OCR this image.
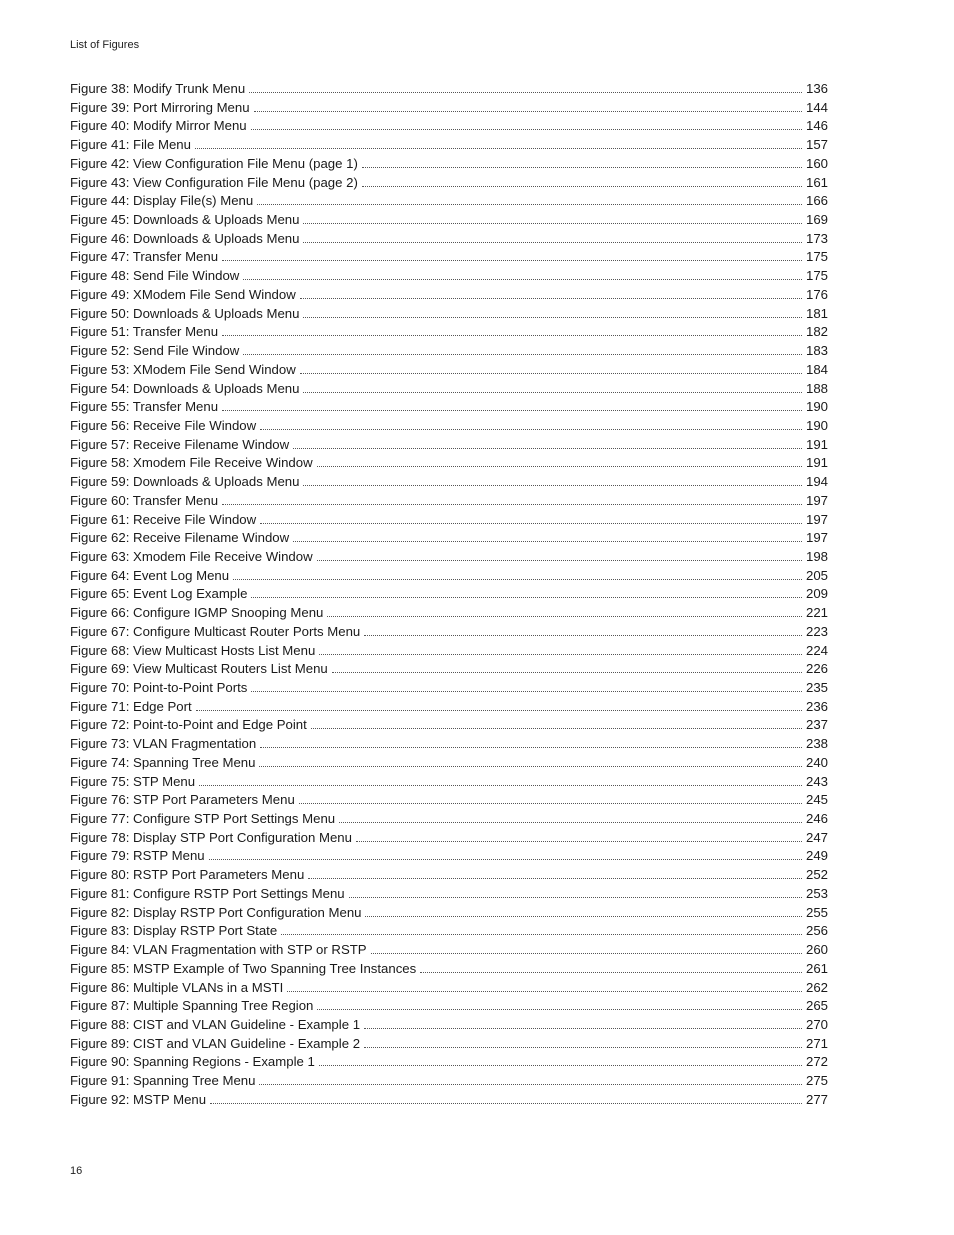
List of Figures
Figure 38: Modify Trunk Menu	136
Figure 39: Port Mirroring Menu	144
Figure 40: Modify Mirror Menu	146
Figure 41: File Menu	157
Figure 42: View Configuration File Menu (page 1)	160
Figure 43: View Configuration File Menu (page 2)	161
Figure 44: Display File(s) Menu	166
Figure 45: Downloads & Uploads Menu	169
Figure 46: Downloads & Uploads Menu	173
Figure 47: Transfer Menu	175
Figure 48: Send File Window	175
Figure 49: XModem File Send Window	176
Figure 50: Downloads & Uploads Menu	181
Figure 51: Transfer Menu	182
Figure 52: Send File Window	183
Figure 53: XModem File Send Window	184
Figure 54: Downloads & Uploads Menu	188
Figure 55: Transfer Menu	190
Figure 56: Receive File Window	190
Figure 57: Receive Filename Window	191
Figure 58: Xmodem File Receive Window	191
Figure 59: Downloads & Uploads Menu	194
Figure 60: Transfer Menu	197
Figure 61: Receive File Window	197
Figure 62: Receive Filename Window	197
Figure 63: Xmodem File Receive Window	198
Figure 64: Event Log Menu	205
Figure 65: Event Log Example	209
Figure 66: Configure IGMP Snooping Menu	221
Figure 67: Configure Multicast Router Ports Menu	223
Figure 68: View Multicast Hosts List Menu	224
Figure 69: View Multicast Routers List Menu	226
Figure 70: Point-to-Point Ports	235
Figure 71: Edge Port	236
Figure 72: Point-to-Point and Edge Point	237
Figure 73: VLAN Fragmentation	238
Figure 74: Spanning Tree Menu	240
Figure 75: STP Menu	243
Figure 76: STP Port Parameters Menu	245
Figure 77: Configure STP Port Settings Menu	246
Figure 78: Display STP Port Configuration Menu	247
Figure 79: RSTP Menu	249
Figure 80: RSTP Port Parameters Menu	252
Figure 81: Configure RSTP Port Settings Menu	253
Figure 82: Display RSTP Port Configuration Menu	255
Figure 83: Display RSTP Port State	256
Figure 84: VLAN Fragmentation with STP or RSTP	260
Figure 85: MSTP Example of Two Spanning Tree Instances	261
Figure 86: Multiple VLANs in a MSTI	262
Figure 87: Multiple Spanning Tree Region	265
Figure 88: CIST and VLAN Guideline - Example 1	270
Figure 89: CIST and VLAN Guideline - Example 2	271
Figure 90: Spanning Regions - Example 1	272
Figure 91: Spanning Tree Menu	275
Figure 92: MSTP Menu	277
16
